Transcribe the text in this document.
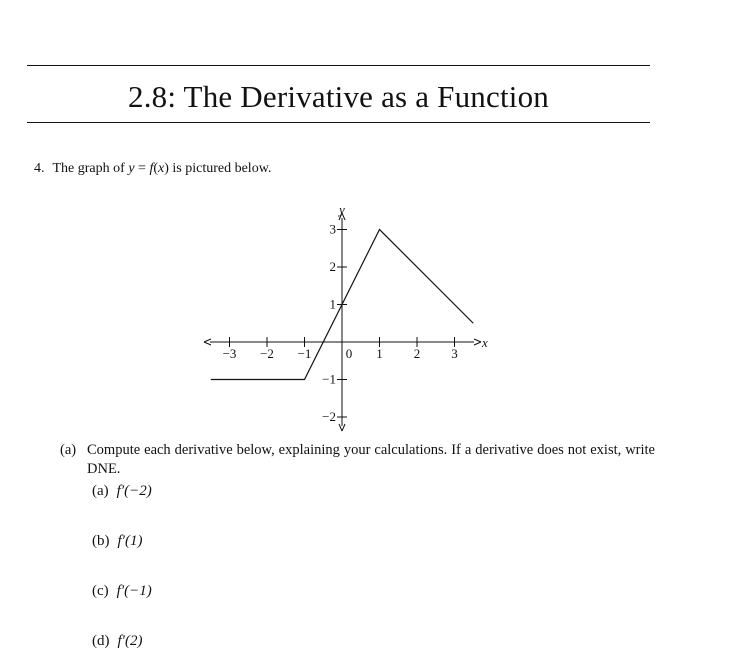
2.8: The Derivative as a Function
4. The graph of y = f(x) is pictured below.
x
y
−3 −2 −1	0 1 2 3
3
2
1
−1
−2
(a) Compute each derivative below, explaining your calculations. If a derivative does not exist, write DNE.
(a) f′(−2)
(b) f′(1)
(c) f′(−1)
(d) f′(2)
